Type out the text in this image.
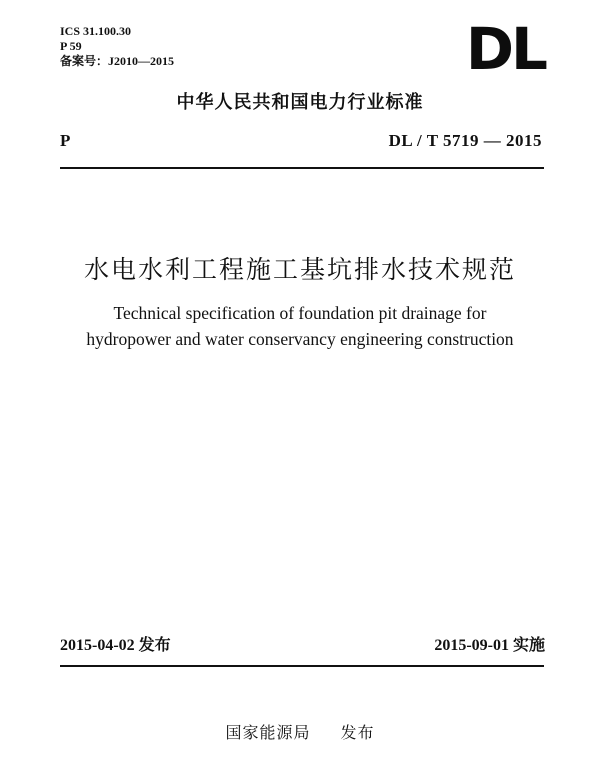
ICS 31.100.30
P 59
备案号：J2010—2015	DL
中华人民共和国电力行业标准
P	DL / T 5719 — 2015
水电水利工程施工基坑排水技术规范
Technical specification of foundation pit drainage for
hydropower and water conservancy engineering construction
2015-04-02 发布	2015-09-01 实施
国家能源局 发布
